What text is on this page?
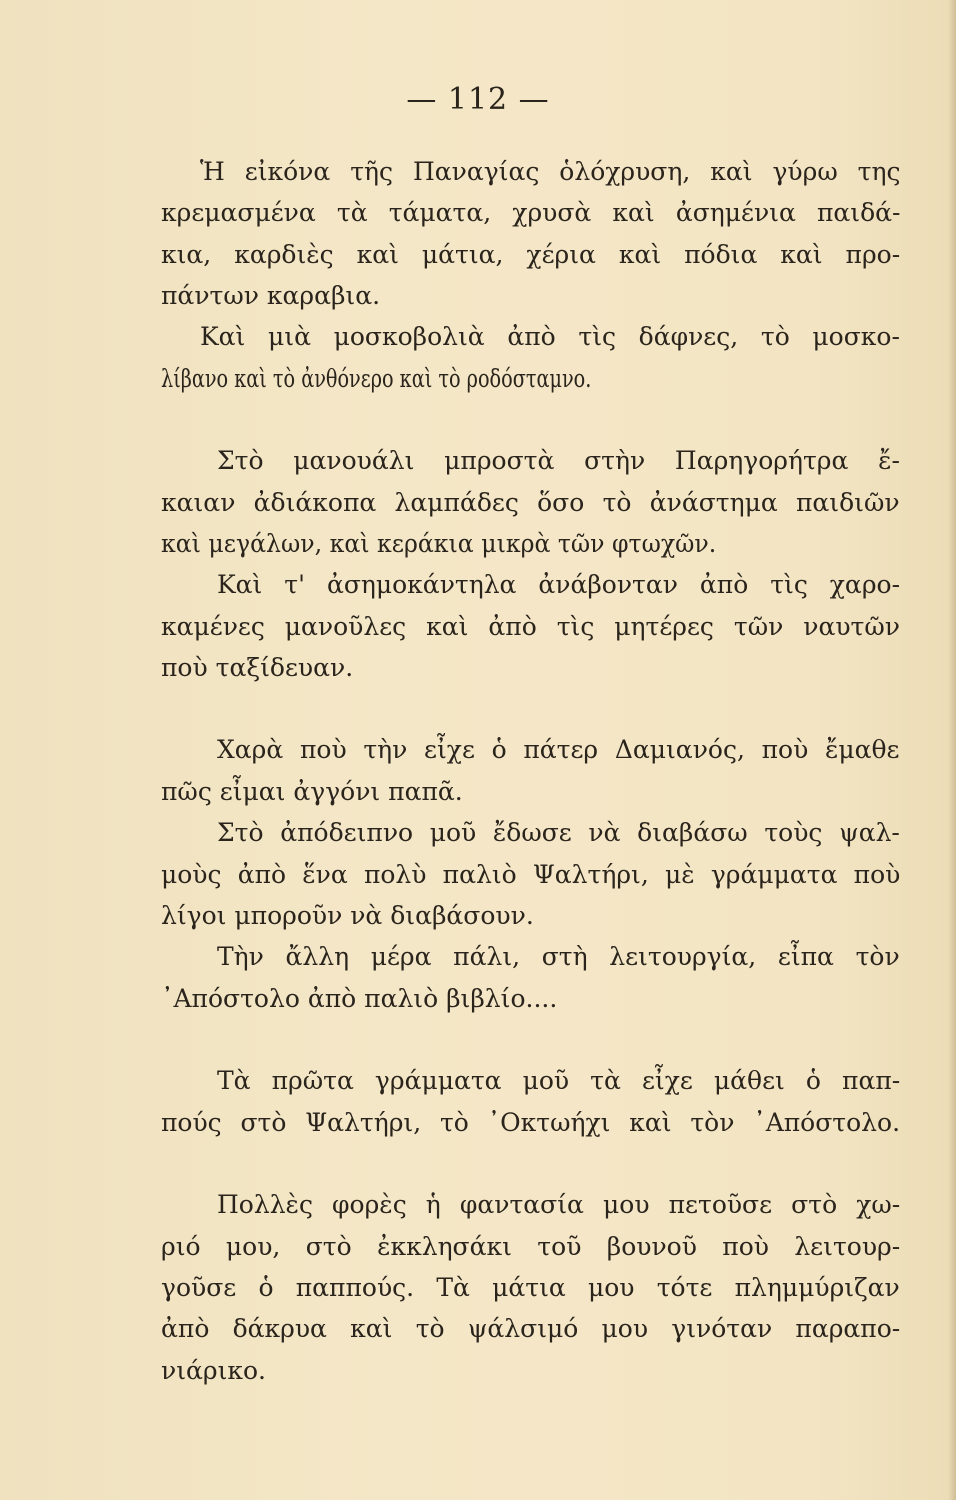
— 112 —
Ἡ εἰκόνα τῆς Παναγίας ὁλόχρυση, καὶ γύρω της
κρεμασμένα τὰ τάματα, χρυσὰ καὶ ἀσημένια παιδά-
κια, καρδιὲς καὶ μάτια, χέρια καὶ πόδια καὶ προ-
πάντων καραβια.
Καὶ μιὰ μοσκοβολιὰ ἀπὸ τὶς δάφνες, τὸ μοσκο-
λίβανο καὶ τὸ ἀνθόνερο καὶ τὸ ροδόσταμνο.
Στὸ μανουάλι μπροστὰ στὴν Παρηγορήτρα ἔ-
καιαν ἀδιάκοπα λαμπάδες ὅσο τὸ ἀνάστημα παιδιῶν
καὶ μεγάλων, καὶ κεράκια μικρὰ τῶν φτωχῶν.
Καὶ τ' ἀσημοκάντηλα ἀνάβονταν ἀπὸ τὶς χαρο-
καμένες μανοῦλες καὶ ἀπὸ τὶς μητέρες τῶν ναυτῶν
ποὺ ταξίδευαν.
Χαρὰ ποὺ τὴν εἶχε ὁ πάτερ Δαμιανός, ποὺ ἔμαθε
πῶς εἶμαι ἀγγόνι παπᾶ.
Στὸ ἀπόδειπνο μοῦ ἔδωσε νὰ διαβάσω τοὺς ψαλ-
μοὺς ἀπὸ ἕνα πολὺ παλιὸ Ψαλτήρι, μὲ γράμματα ποὺ
λίγοι μποροῦν νὰ διαβάσουν.
Τὴν ἄλλη μέρα πάλι, στὴ λειτουργία, εἶπα τὸν
᾿Απόστολο ἀπὸ παλιὸ βιβλίο....
Τὰ πρῶτα γράμματα μοῦ τὰ εἶχε μάθει ὁ παπ-
πούς στὸ Ψαλτήρι, τὸ ᾿Οκτωήχι καὶ τὸν ᾿Απόστολο.
Πολλὲς φορὲς ἡ φαντασία μου πετοῦσε στὸ χω-
ριό μου, στὸ ἐκκλησάκι τοῦ βουνοῦ ποὺ λειτουρ-
γοῦσε ὁ παππούς. Τὰ μάτια μου τότε πλημμύριζαν
ἀπὸ δάκρυα καὶ τὸ ψάλσιμό μου γινόταν παραπο-
νιάρικο.
